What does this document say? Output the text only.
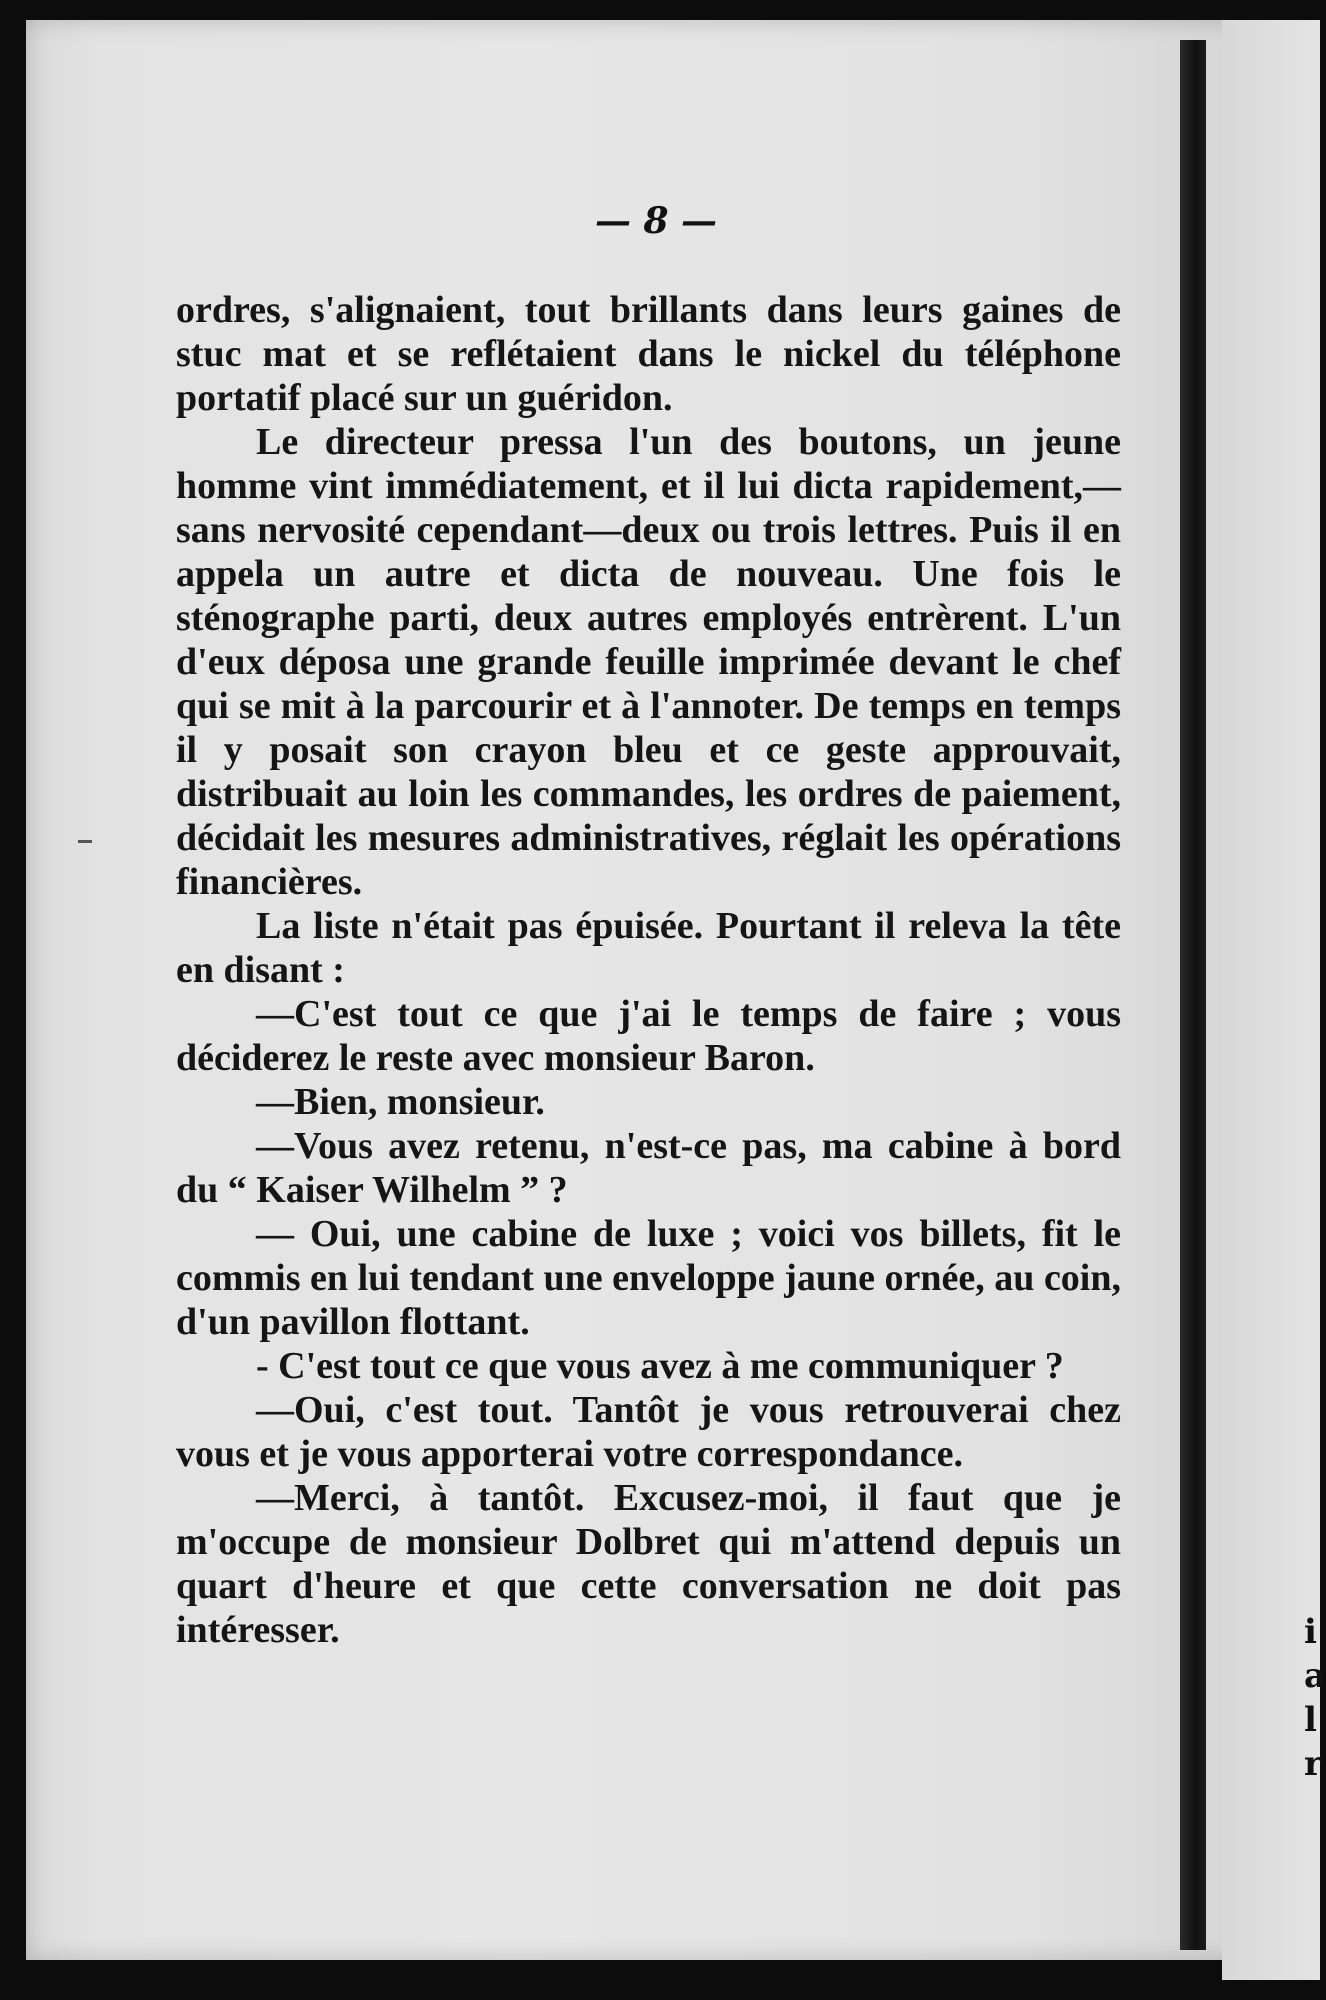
— 8 —

ordres, s'alignaient, tout brillants dans leurs gaines de stuc mat et se reflétaient dans le nickel du téléphone portatif placé sur un guéridon.

Le directeur pressa l'un des boutons, un jeune homme vint immédiatement, et il lui dicta rapidement,—sans nervosité cependant—deux ou trois lettres. Puis il en appela un autre et dicta de nouveau. Une fois le sténographe parti, deux autres employés entrèrent. L'un d'eux déposa une grande feuille imprimée devant le chef qui se mit à la parcourir et à l'annoter. De temps en temps il y posait son crayon bleu et ce geste approuvait, distribuait au loin les commandes, les ordres de paiement, décidait les mesures administratives, réglait les opérations financières.

La liste n'était pas épuisée. Pourtant il releva la tête en disant :

—C'est tout ce que j'ai le temps de faire ; vous déciderez le reste avec monsieur Baron.

—Bien, monsieur.

—Vous avez retenu, n'est-ce pas, ma cabine à bord du “ Kaiser Wilhelm ” ?

— Oui, une cabine de luxe ; voici vos billets, fit le commis en lui tendant une enveloppe jaune ornée, au coin, d'un pavillon flottant.

- C'est tout ce que vous avez à me communiquer ?

—Oui, c'est tout. Tantôt je vous retrouverai chez vous et je vous apporterai votre correspondance.

—Merci, à tantôt. Excusez-moi, il faut que je m'occupe de monsieur Dolbret qui m'attend depuis un quart d'heure et que cette conversation ne doit pas intéresser.	i
a
l
r
